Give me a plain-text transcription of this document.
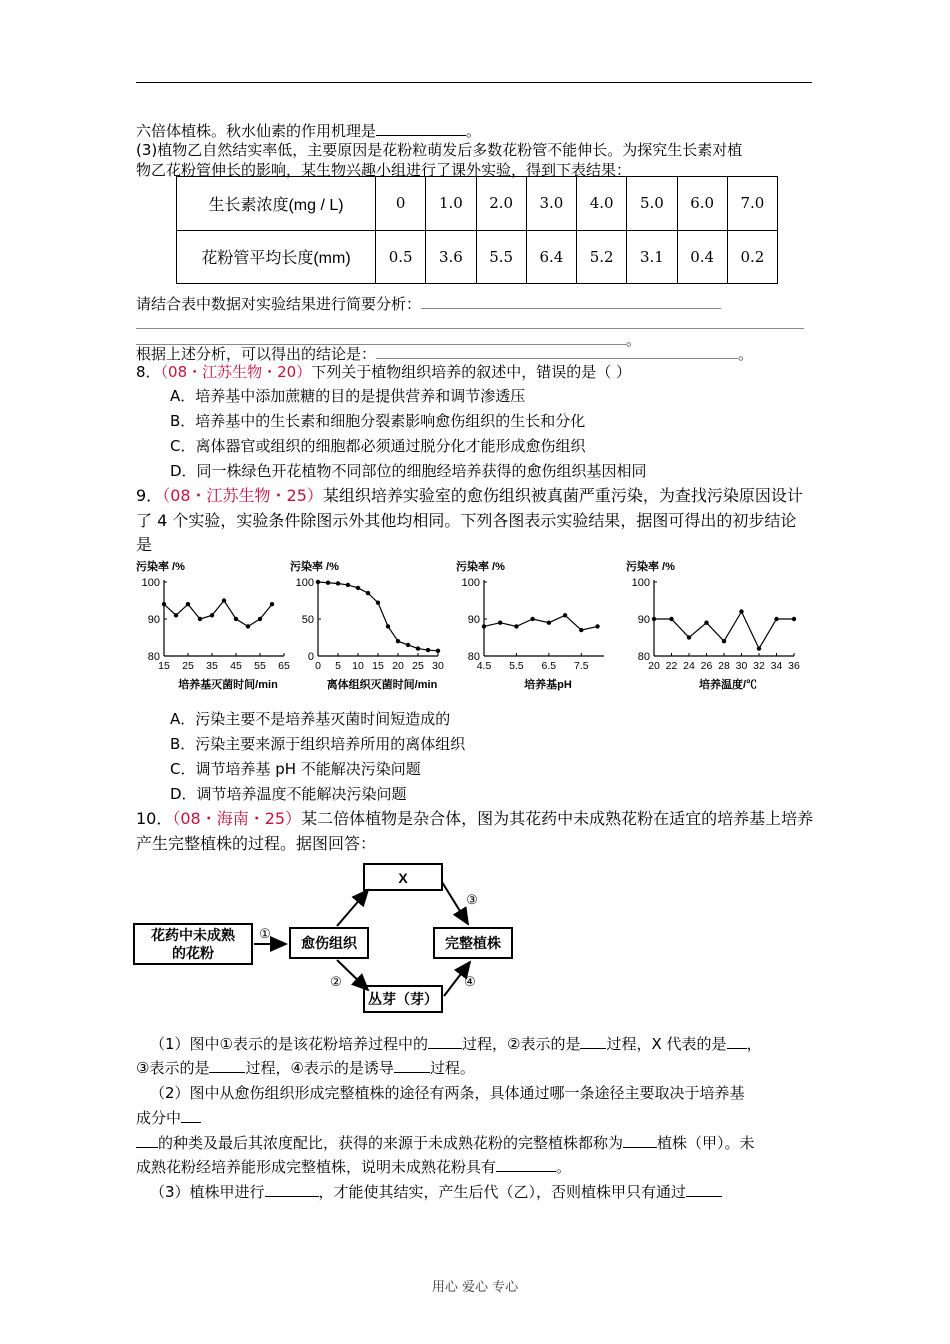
六倍体植株。秋水仙素的作用机理是	。
(3)植物乙自然结实率低，主要原因是花粉粒萌发后多数花粉管不能伸长。为探究生长素对植
物乙花粉管伸长的影响，某生物兴趣小组进行了课外实验，得到下表结果：
生长素浓度(mg / L)	0	1.0	2.0	3.0	4.0	5.0	6.0	7.0
花粉管平均长度(mm)	0.5	3.6	5.5	6.4	5.2	3.1	0.4	0.2
请结合表中数据对实验结果进行简要分析：
。
根据上述分析，可以得出的结论是：	。
8．（08・江苏生物・20）下列关于植物组织培养的叙述中，错误的是（ ）
A．培养基中添加蔗糖的目的是提供营养和调节渗透压
B．培养基中的生长素和细胞分裂素影响愈伤组织的生长和分化
C．离体器官或组织的细胞都必须通过脱分化才能形成愈伤组织
D．同一株绿色开花植物不同部位的细胞经培养获得的愈伤组织基因相同
9．（08・江苏生物・25）某组织培养实验室的愈伤组织被真菌严重污染，为查找污染原因设计
了 4 个实验，实验条件除图示外其他均相同。下列各图表示实验结果，据图可得出的初步结论
是
污染率 /%
80
90
100
15 25 35 45 55 65
培养基灭菌时间/min
污染率 /%
0
50
100
0 5 10 15 20 25 30
离体组织灭菌时间/min
污染率 /%
80
90
100
4.5 5.5 6.5 7.5
培养基pH
污染率 /%
80
90
100
20 22 24 26 28 30 32 34 36
培养温度/℃
A．污染主要不是培养基灭菌时间短造成的
B．污染主要来源于组织培养所用的离体组织
C．调节培养基 pH 不能解决污染问题
D．调节培养温度不能解决污染问题
10．（08・海南・25）某二倍体植物是杂合体，图为其花药中未成熟花粉在适宜的培养基上培养
产生完整植株的过程。据图回答：
花药中未成熟
的花粉
愈伤组织
X
完整植株
丛芽（芽）
①
②
③
④
（1）图中①表示的是该花粉培养过程中的 过程，②表示的是 过程，X 代表的是 ，
③表示的是 过程，④表示的是诱导 过程。
（2）图中从愈伤组织形成完整植株的途径有两条，具体通过哪一条途径主要取决于培养基
成分中
的种类及最后其浓度配比，获得的来源于未成熟花粉的完整植株都称为 植株（甲）。未
成熟花粉经培养能形成完整植株，说明未成熟花粉具有	。
（3）植株甲进行	，才能使其结实，产生后代（乙），否则植株甲只有通过
用心 爱心 专心
